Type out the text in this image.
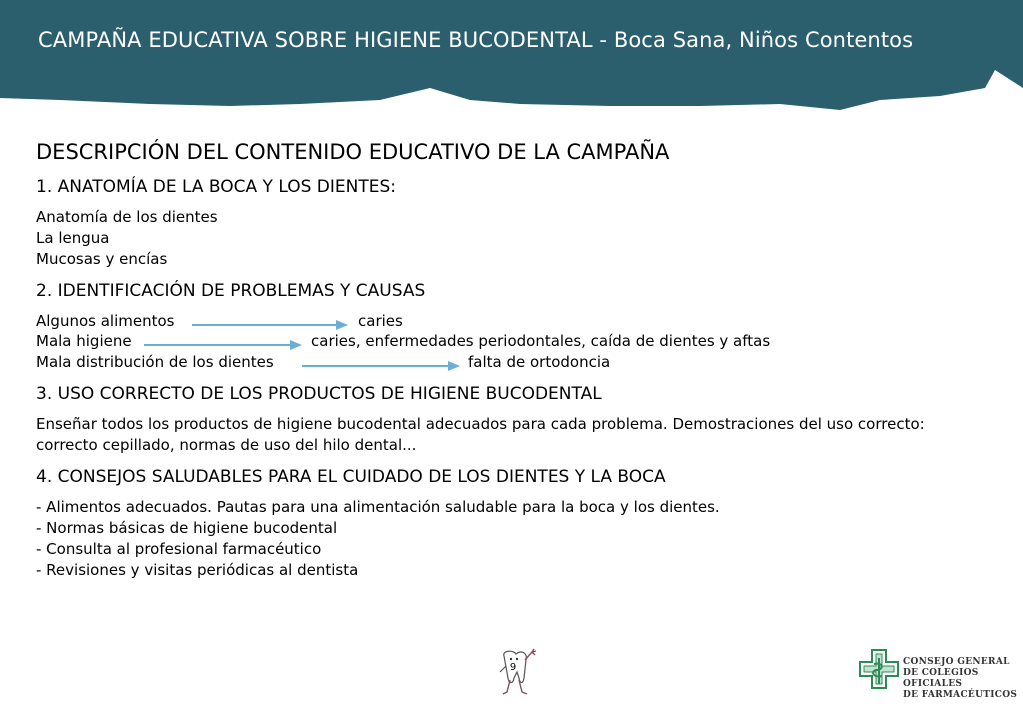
CAMPAÑA EDUCATIVA SOBRE HIGIENE BUCODENTAL - Boca Sana, Niños Contentos
DESCRIPCIÓN DEL CONTENIDO EDUCATIVO DE LA CAMPAÑA
1. ANATOMÍA DE LA BOCA Y LOS DIENTES:
Anatomía de los dientes
La lengua
Mucosas y encías
2. IDENTIFICACIÓN DE PROBLEMAS Y CAUSAS
Algunos alimentos	caries
Mala higiene	caries, enfermedades periodontales, caída de dientes y aftas
Mala distribución de los dientes	falta de ortodoncia
3. USO CORRECTO DE LOS PRODUCTOS DE HIGIENE BUCODENTAL
Enseñar todos los productos de higiene bucodental adecuados para cada problema. Demostraciones del uso correcto:
correcto cepillado, normas de uso del hilo dental...
4. CONSEJOS SALUDABLES PARA EL CUIDADO DE LOS DIENTES Y LA BOCA
- Alimentos adecuados. Pautas para una alimentación saludable para la boca y los dientes.
- Normas básicas de higiene bucodental
- Consulta al profesional farmacéutico
- Revisiones y visitas periódicas al dentista
9	CONSEJO GENERAL
DE COLEGIOS OFICIALES
DE FARMACÉUTICOS
